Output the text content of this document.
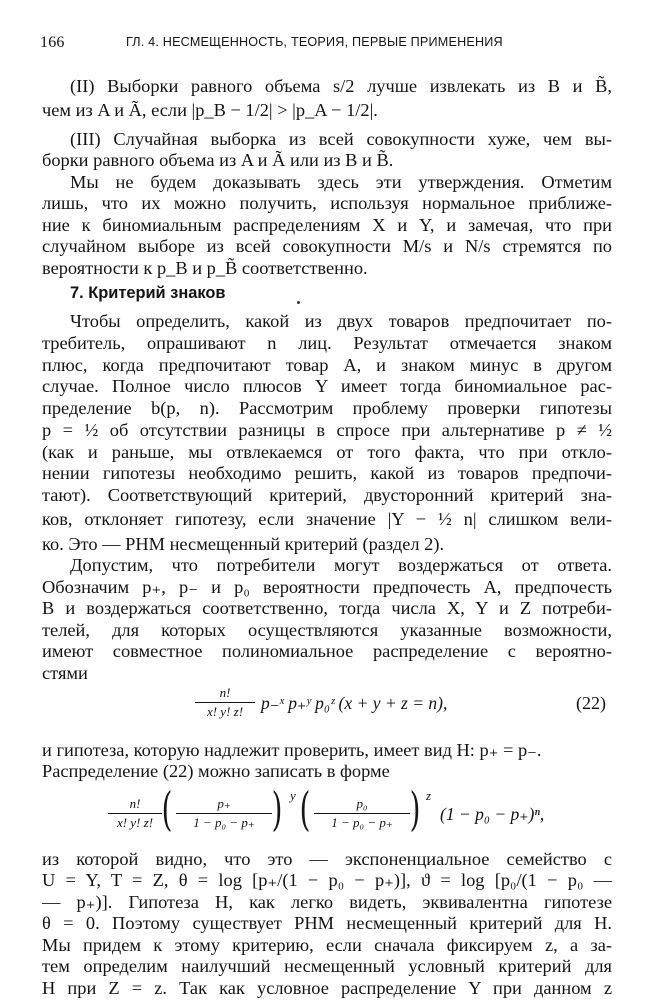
166	ГЛ. 4. НЕСМЕЩЕННОСТЬ, ТЕОРИЯ, ПЕРВЫЕ ПРИМЕНЕНИЯ
(II) Выборки равного объема s/2 лучше извлекать из B и B̃,
чем из A и Ã, если |p_B − 1/2| > |p_A − 1/2|.
(III) Случайная выборка из всей совокупности хуже, чем вы-
борки равного объема из A и Ã или из B и B̃.
Мы не будем доказывать здесь эти утверждения. Отметим
лишь, что их можно получить, используя нормальное приближе-
ние к биномиальным распределениям X и Y, и замечая, что при
случайном выборе из всей совокупности M/s и N/s стремятся по
вероятности к p_B и p_B̃ соответственно.
7. Критерий знаков
Чтобы определить, какой из двух товаров предпочитает по-
требитель, опрашивают n лиц. Результат отмечается знаком
плюс, когда предпочитают товар A, и знаком минус в другом
случае. Полное число плюсов Y имеет тогда биномиальное рас-
пределение b(p, n). Рассмотрим проблему проверки гипотезы
p = ½ об отсутствии разницы в спросе при альтернативе p ≠ ½
(как и раньше, мы отвлекаемся от того факта, что при откло-
нении гипотезы необходимо решить, какой из товаров предпочи-
тают). Соответствующий критерий, двусторонний критерий зна-
ков, отклоняет гипотезу, если значение |Y − ½ n| слишком вели-
ко. Это — РНМ несмещенный критерий (раздел 2).
Допустим, что потребители могут воздержаться от ответа.
Обозначим p₊, p₋ и p₀ вероятности предпочесть A, предпочесть
B и воздержаться соответственно, тогда числа X, Y и Z потреби-
телей, для которых осуществляются указанные возможности,
имеют совместное полиномиальное распределение с вероятно-
стями
n!
x! y! z!	p₋ˣ p₊ʸ p₀ᶻ (x + y + z = n),	(22)
и гипотеза, которую надлежит проверить, имеет вид H: p₊ = p₋.
Распределение (22) можно записать в форме
n!
x! y! z! (	p₊
1 − p₀ − p₊ ) y (	p₀
1 − p₀ − p₊ ) z
(1 − p₀ − p₊)ⁿ,
из которой видно, что это — экспоненциальное семейство с
U = Y, T = Z, θ = log [p₊/(1 − p₀ − p₊)], ϑ = log [p₀/(1 − p₀ —
— p₊)]. Гипотеза H, как легко видеть, эквивалентна гипотезе
θ = 0. Поэтому существует РНМ несмещенный критерий для H.
Мы придем к этому критерию, если сначала фиксируем z, а за-
тем определим наилучший несмещенный условный критерий для
H при Z = z. Так как условное распределение Y при данном z
